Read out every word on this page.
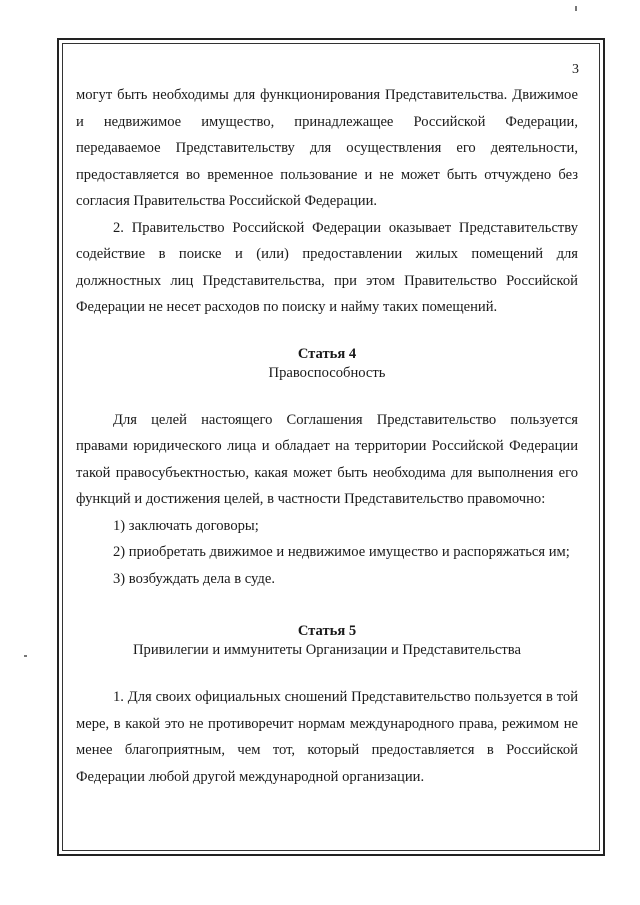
3

могут быть необходимы для функционирования Представительства. Движимое и недвижимое имущество, принадлежащее Российской Федерации, передаваемое Представительству для осуществления его деятельности, предоставляется во временное пользование и не может быть отчуждено без согласия Правительства Российской Федерации.

2. Правительство Российской Федерации оказывает Представительству содействие в поиске и (или) предоставлении жилых помещений для должностных лиц Представительства, при этом Правительство Российской Федерации не несет расходов по поиску и найму таких помещений.

Статья 4
Правоспособность

Для целей настоящего Соглашения Представительство пользуется правами юридического лица и обладает на территории Российской Федерации такой правосубъектностью, какая может быть необходима для выполнения его функций и достижения целей, в частности Представительство правомочно:

1) заключать договоры;

2) приобретать движимое и недвижимое имущество и распоряжаться им;

3) возбуждать дела в суде.

Статья 5
Привилегии и иммунитеты Организации и Представительства

1. Для своих официальных сношений Представительство пользуется в той мере, в какой это не противоречит нормам международного права, режимом не менее благоприятным, чем тот, который предоставляется в Российской Федерации любой другой международной организации.
